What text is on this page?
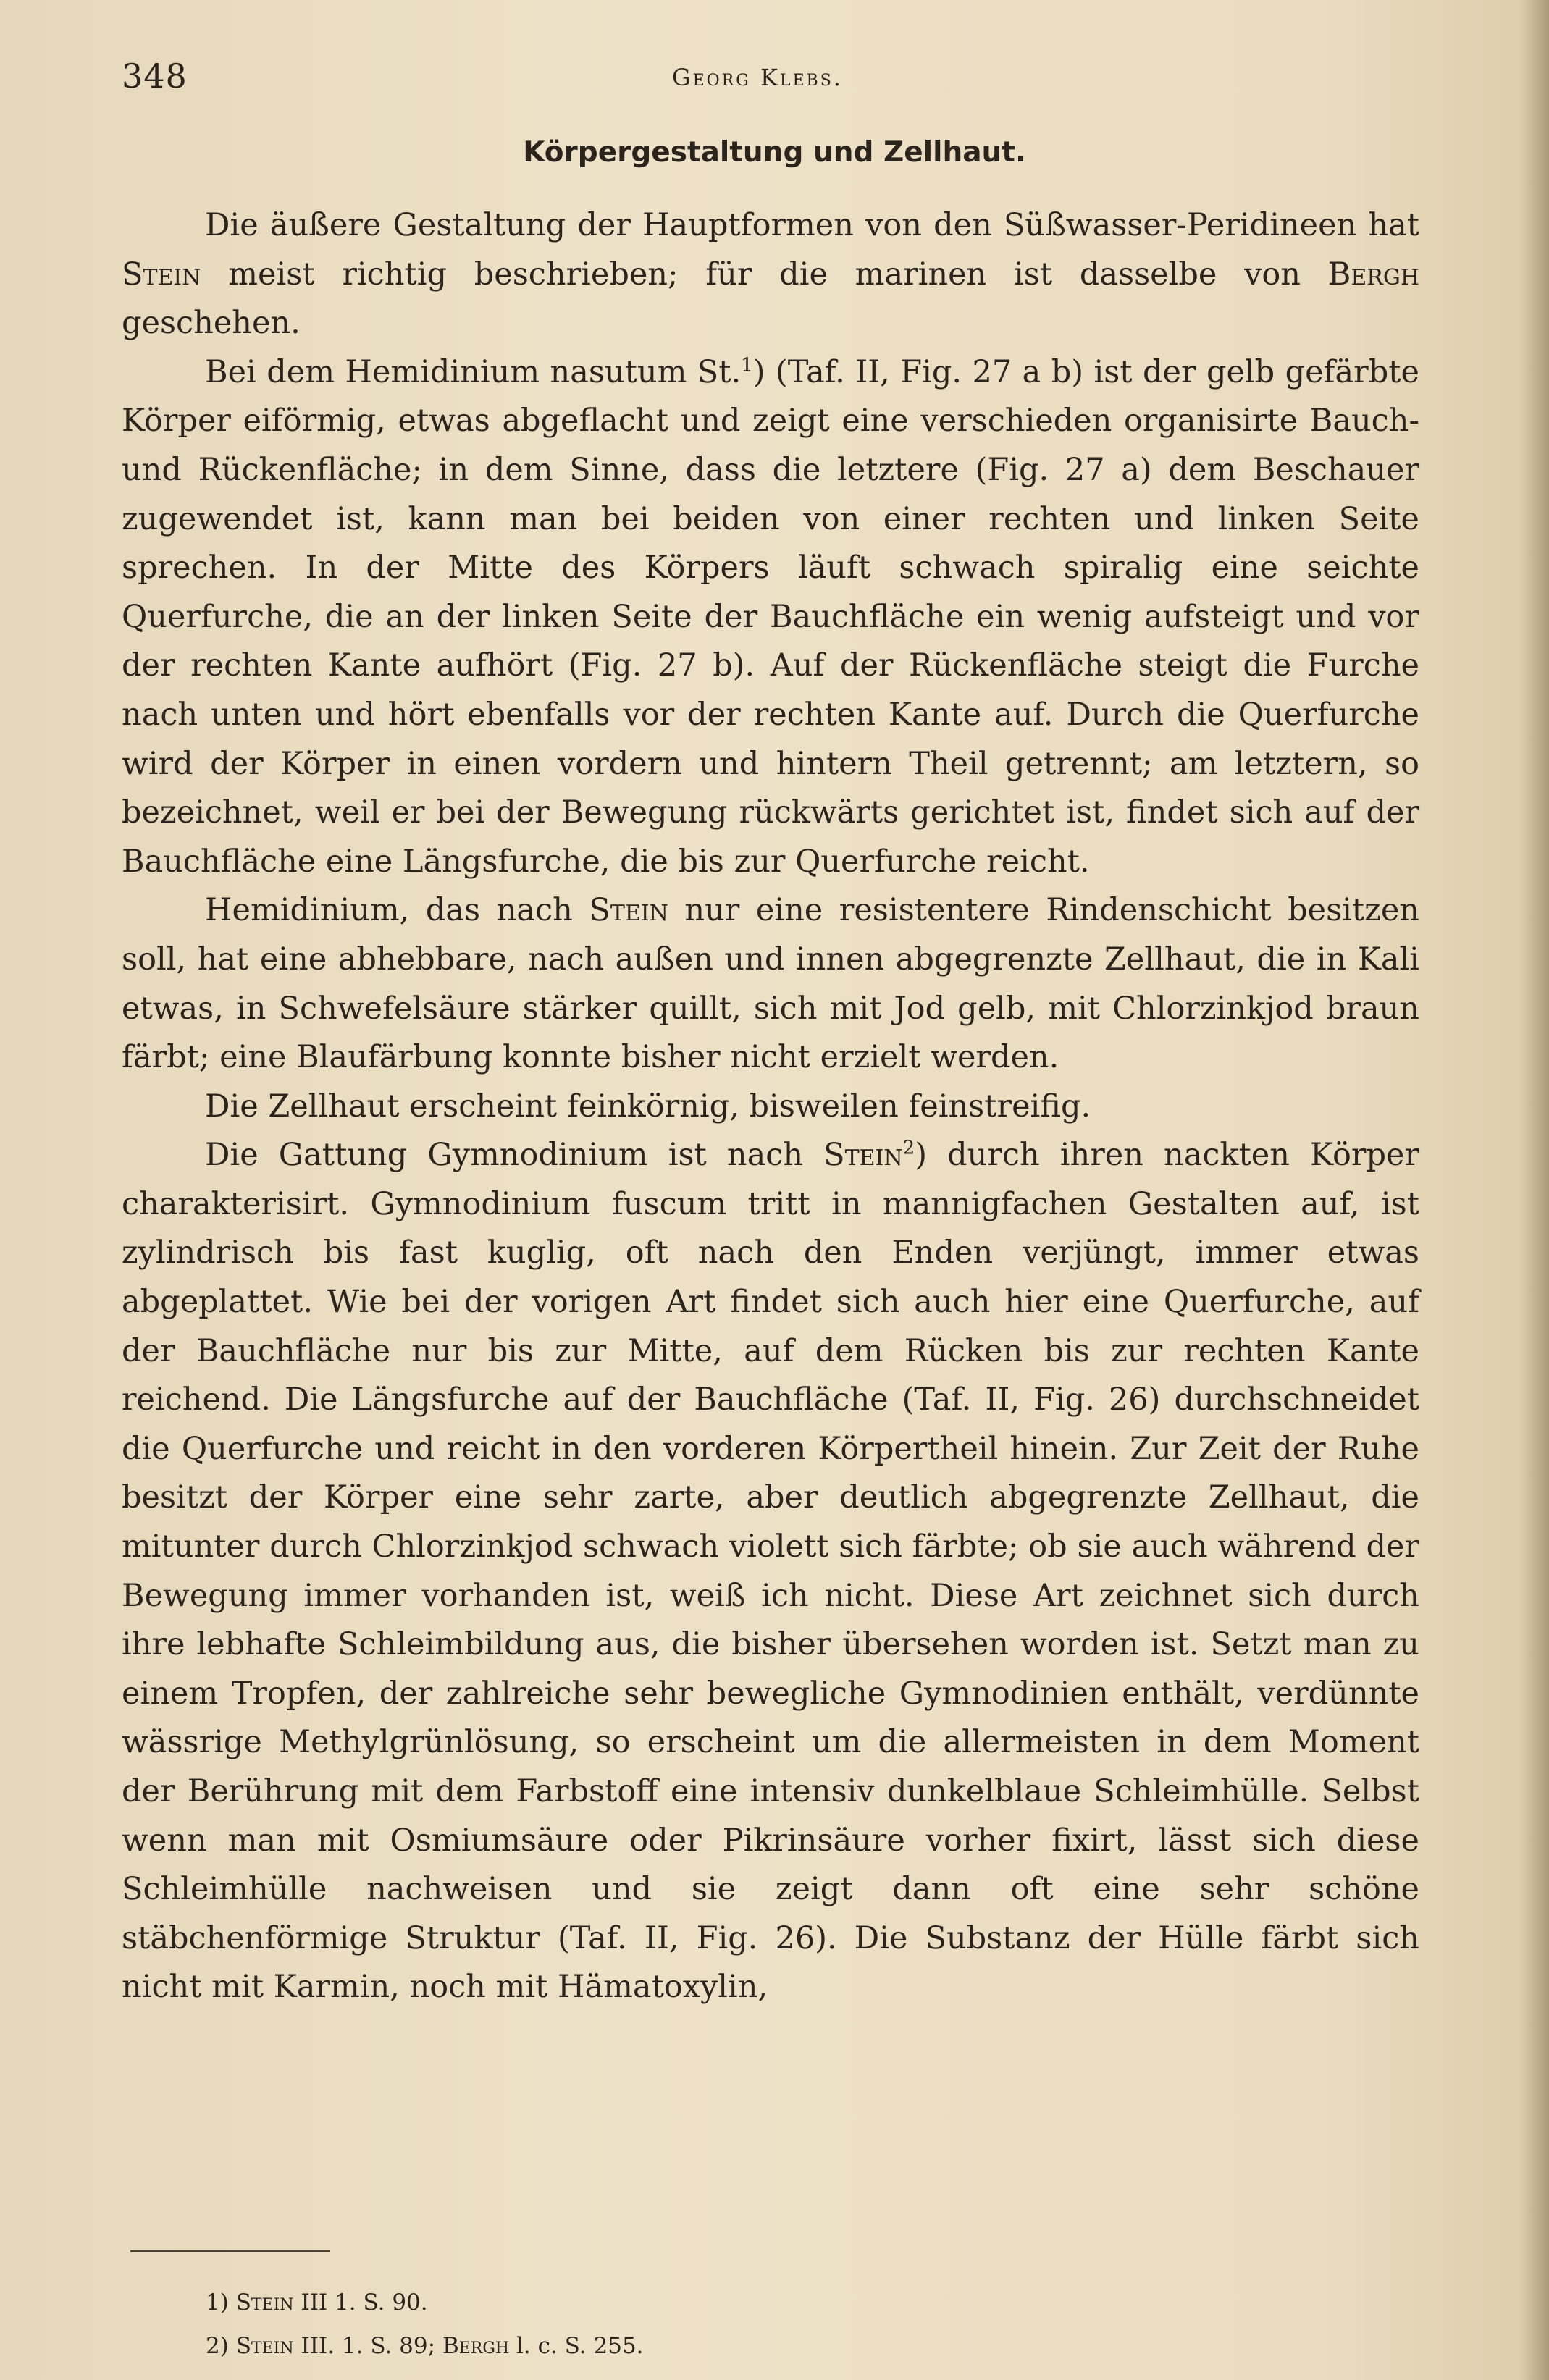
348	Georg Klebs.
Körpergestaltung und Zellhaut.

Die äußere Gestaltung der Hauptformen von den Süßwasser-Peridineen hat Stein meist richtig beschrieben; für die marinen ist dasselbe von Bergh geschehen.

Bei dem Hemidinium nasutum St.$^1$) (Taf. II, Fig. 27 a b) ist der gelb gefärbte Körper eiförmig, etwas abgeflacht und zeigt eine verschieden organisirte Bauch- und Rückenfläche; in dem Sinne, dass die letztere (Fig. 27 a) dem Beschauer zugewendet ist, kann man bei beiden von einer rechten und linken Seite sprechen. In der Mitte des Körpers läuft schwach spiralig eine seichte Querfurche, die an der linken Seite der Bauchfläche ein wenig aufsteigt und vor der rechten Kante aufhört (Fig. 27 b). Auf der Rückenfläche steigt die Furche nach unten und hört ebenfalls vor der rechten Kante auf. Durch die Querfurche wird der Körper in einen vordern und hintern Theil getrennt; am letztern, so bezeichnet, weil er bei der Bewegung rückwärts gerichtet ist, findet sich auf der Bauchfläche eine Längsfurche, die bis zur Querfurche reicht.

Hemidinium, das nach Stein nur eine resistentere Rindenschicht besitzen soll, hat eine abhebbare, nach außen und innen abgegrenzte Zellhaut, die in Kali etwas, in Schwefelsäure stärker quillt, sich mit Jod gelb, mit Chlorzinkjod braun färbt; eine Blaufärbung konnte bisher nicht erzielt werden.

Die Zellhaut erscheint feinkörnig, bisweilen feinstreifig.

Die Gattung Gymnodinium ist nach Stein$^2$) durch ihren nackten Körper charakterisirt. Gymnodinium fuscum tritt in mannigfachen Gestalten auf, ist zylindrisch bis fast kuglig, oft nach den Enden verjüngt, immer etwas abgeplattet. Wie bei der vorigen Art findet sich auch hier eine Querfurche, auf der Bauchfläche nur bis zur Mitte, auf dem Rücken bis zur rechten Kante reichend. Die Längsfurche auf der Bauchfläche (Taf. II, Fig. 26) durchschneidet die Querfurche und reicht in den vorderen Körpertheil hinein. Zur Zeit der Ruhe besitzt der Körper eine sehr zarte, aber deutlich abgegrenzte Zellhaut, die mitunter durch Chlorzinkjod schwach violett sich färbte; ob sie auch während der Bewegung immer vorhanden ist, weiß ich nicht. Diese Art zeichnet sich durch ihre lebhafte Schleimbildung aus, die bisher übersehen worden ist. Setzt man zu einem Tropfen, der zahlreiche sehr bewegliche Gymnodinien enthält, verdünnte wässrige Methylgrünlösung, so erscheint um die allermeisten in dem Moment der Berührung mit dem Farbstoff eine intensiv dunkelblaue Schleimhülle. Selbst wenn man mit Osmiumsäure oder Pikrinsäure vorher fixirt, lässt sich diese Schleimhülle nachweisen und sie zeigt dann oft eine sehr schöne stäbchenförmige Struktur (Taf. II, Fig. 26). Die Substanz der Hülle färbt sich nicht mit Karmin, noch mit Hämatoxylin,

1) Stein III 1. S. 90.
2) Stein III. 1. S. 89; Bergh l. c. S. 255.
